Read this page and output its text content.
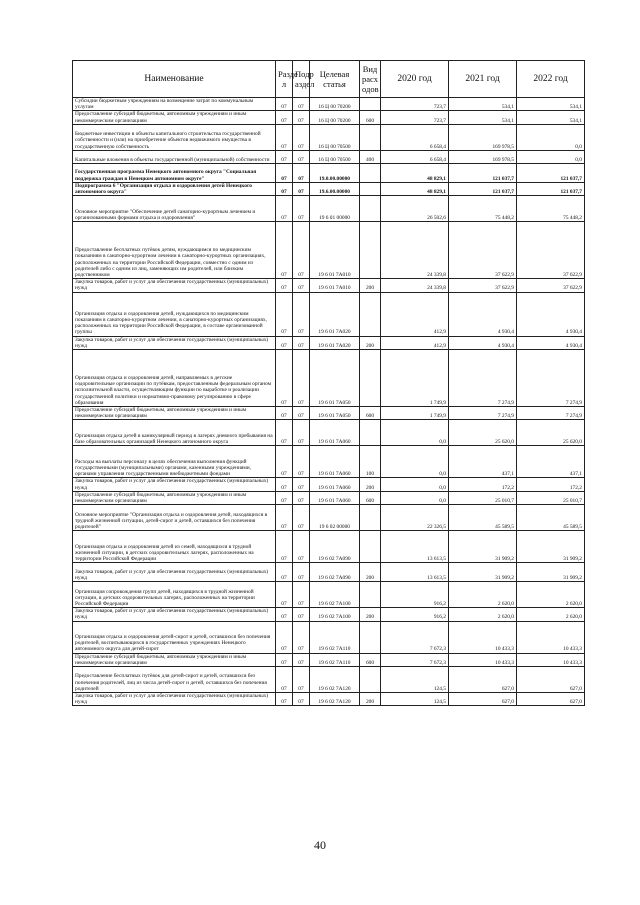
Наименование	Разде л	Подр аздел	Целевая статья	Вид расх одов	2020 год	2021 год	2022 год
Субсидии бюджетным учреждениям на возмещение затрат по коммунальным услугам	07	07	16 Ц 00 70200		723,7	534,1	534,1
Предоставление субсидий бюджетным, автономным учреждениям и иным некоммерческим организациям	07	07	16 Ц 00 70200	600	723,7	534,1	534,1
Бюджетные инвестиции в объекты капитального строительства государственной собственности и (или) на приобретение объектов недвижимого имущества в государственную собственность	07	07	16 Ц 00 70500		6 658,4	169 978,5	0,0
Капитальные вложения в объекты государственной (муниципальной) собственности	07	07	16 Ц 00 70500	400	6 658,4	169 978,5	0,0
Государственная программа Ненецкого автономного округа "Социальная поддержка граждан в Ненецком автономном округе"	07	07	19.0.00.00000		48 829,1	121 037,7	121 037,7
Подпрограмма 6 "Организация отдыха и оздоровления детей Ненецкого автономного округа"	07	07	19.6.00.00000		48 829,1	121 037,7	121 037,7
Основное мероприятие "Обеспечение детей санаторно-курортным лечением и организованными формами отдыха и оздоровления"	07	07	19 6 01 00000		26 502,6	75 448,2	75 448,2
Предоставление бесплатных путёвок детям, нуждающимся по медицинским показаниям в санаторно-курортном лечении в санаторно-курортных организациях, расположенных на территории Российской Федерации, совместно с одним из родителей либо с одним из лиц, заменяющих им родителей, или близким родственником	07	07	19 6 01 7А010		24 339,8	37 622,9	37 622,9
Закупка товаров, работ и услуг для обеспечения государственных (муниципальных) нужд	07	07	19 6 01 7А010	200	24 339,8	37 622,9	37 622,9
Организация отдыха и оздоровления детей, нуждающихся по медицинским показаниям в санаторно-курортном лечении, в санаторно-курортных организациях, расположенных на территории Российской Федерации, в составе организованной группы	07	07	19 6 01 7А020		412,9	4 930,4	4 930,4
Закупка товаров, работ и услуг для обеспечения государственных (муниципальных) нужд	07	07	19 6 01 7А020	200	412,9	4 930,4	4 930,4
Организация отдыха и оздоровления детей, направляемых в детские оздоровительные организации по путёвкам, предоставленным федеральным органом исполнительной власти, осуществляющим функции по выработке и реализации государственной политики и нормативно-правовому регулированию в сфере образования	07	07	19 6 01 7А050		1 749,9	7 274,9	7 274,9
Предоставление субсидий бюджетным, автономным учреждениям и иным некоммерческим организациям	07	07	19 6 01 7А050	600	1 749,9	7 274,9	7 274,9
Организация отдыха детей в каникулярный период в лагерях дневного пребывания на базе образовательных организаций Ненецкого автономного округа	07	07	19 6 01 7А060		0,0	25 620,0	25 620,0
Расходы на выплаты персоналу в целях обеспечения выполнения функций государственными (муниципальными) органами, казенными учреждениями, органами управления государственными внебюджетными фондами	07	07	19 6 01 7А060	100	0,0	437,1	437,1
Закупка товаров, работ и услуг для обеспечения государственных (муниципальных) нужд	07	07	19 6 01 7А060	200	0,0	172,2	172,2
Предоставление субсидий бюджетным, автономным учреждениям и иным некоммерческим организациям	07	07	19 6 01 7А060	600	0,0	25 010,7	25 010,7
Основное мероприятие "Организация отдыха и оздоровления детей, находящихся в трудной жизненной ситуации, детей-сирот и детей, оставшихся без попечения родителей"	07	07	19 6 02 00000		22 326,5	45 589,5	45 589,5
Организация отдыха и оздоровления детей из семей, находящихся в трудной жизненной ситуации, в детских оздоровительных лагерях, расположенных на территории Российской Федерации	07	07	19 6 02 7А090		13 613,5	31 909,2	31 909,2
Закупка товаров, работ и услуг для обеспечения государственных (муниципальных) нужд	07	07	19 6 02 7А090	200	13 613,5	31 909,2	31 909,2
Организация сопровождения групп детей, находящихся в трудной жизненной ситуации, в детских оздоровительных лагерях, расположенных на территории Российской Федерации	07	07	19 6 02 7А100		916,2	2 620,0	2 620,0
Закупка товаров, работ и услуг для обеспечения государственных (муниципальных) нужд	07	07	19 6 02 7А100	200	916,2	2 620,0	2 620,0
Организация отдыха и оздоровления детей-сирот и детей, оставшихся без попечения родителей, воспитывающихся в государственных учреждениях Ненецкого автономного округа для детей-сирот	07	07	19 6 02 7А110		7 672,3	10 433,3	10 433,3
Предоставление субсидий бюджетным, автономным учреждениям и иным некоммерческим организациям	07	07	19 6 02 7А110	600	7 672,3	10 433,3	10 433,3
Предоставление бесплатных путёвок для детей-сирот и детей, оставшихся без попечения родителей, лиц из числа детей-сирот и детей, оставшихся без попечения родителей	07	07	19 6 02 7А120		124,5	627,0	627,0
Закупка товаров, работ и услуг для обеспечения государственных (муниципальных) нужд	07	07	19 6 02 7А120	200	124,5	627,0	627,0
40
